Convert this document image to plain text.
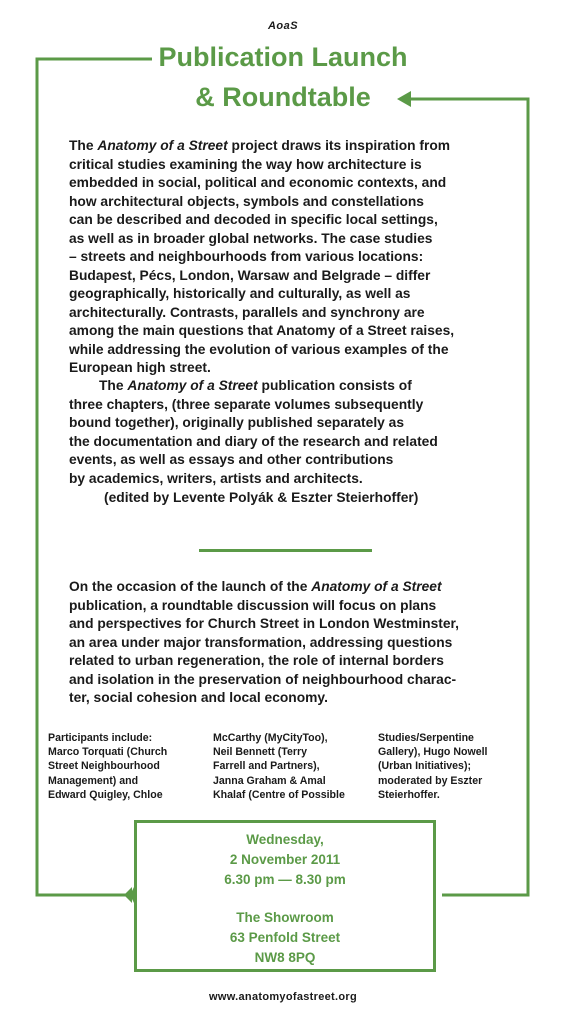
AoaS
Publication Launch
& Roundtable
The Anatomy of a Street project draws its inspiration from
critical studies examining the way how architecture is
embedded in social, political and economic contexts, and
how architectural objects, symbols and constellations
can be described and decoded in specific local settings,
as well as in broader global networks. The case studies
– streets and neighbourhoods from various locations:
Budapest, Pécs, London, Warsaw and Belgrade – differ
geographically, historically and culturally, as well as
architecturally. Contrasts, parallels and synchrony are
among the main questions that Anatomy of a Street raises,
while addressing the evolution of various examples of the
European high street.
The Anatomy of a Street publication consists of
three chapters, (three separate volumes subsequently
bound together), originally published separately as
the documentation and diary of the research and related
events, as well as essays and other contributions
by academics, writers, artists and architects.
(edited by Levente Polyák & Eszter Steierhoffer)
On the occasion of the launch of the Anatomy of a Street
publication, a roundtable discussion will focus on plans
and perspectives for Church Street in London Westminster,
an area under major transformation, addressing questions
related to urban regeneration, the role of internal borders
and isolation in the preservation of neighbourhood charac-
ter, social cohesion and local economy.
Participants include:
Marco Torquati (Church
Street Neighbourhood
Management) and
Edward Quigley, Chloe
McCarthy (MyCityToo),
Neil Bennett (Terry
Farrell and Partners),
Janna Graham & Amal
Khalaf (Centre of Possible
Studies/Serpentine
Gallery), Hugo Nowell
(Urban Initiatives);
moderated by Eszter
Steierhoffer.
Wednesday,
2 November 2011
6.30 pm — 8.30 pm
The Showroom
63 Penfold Street
NW8 8PQ
www.anatomyofastreet.org
